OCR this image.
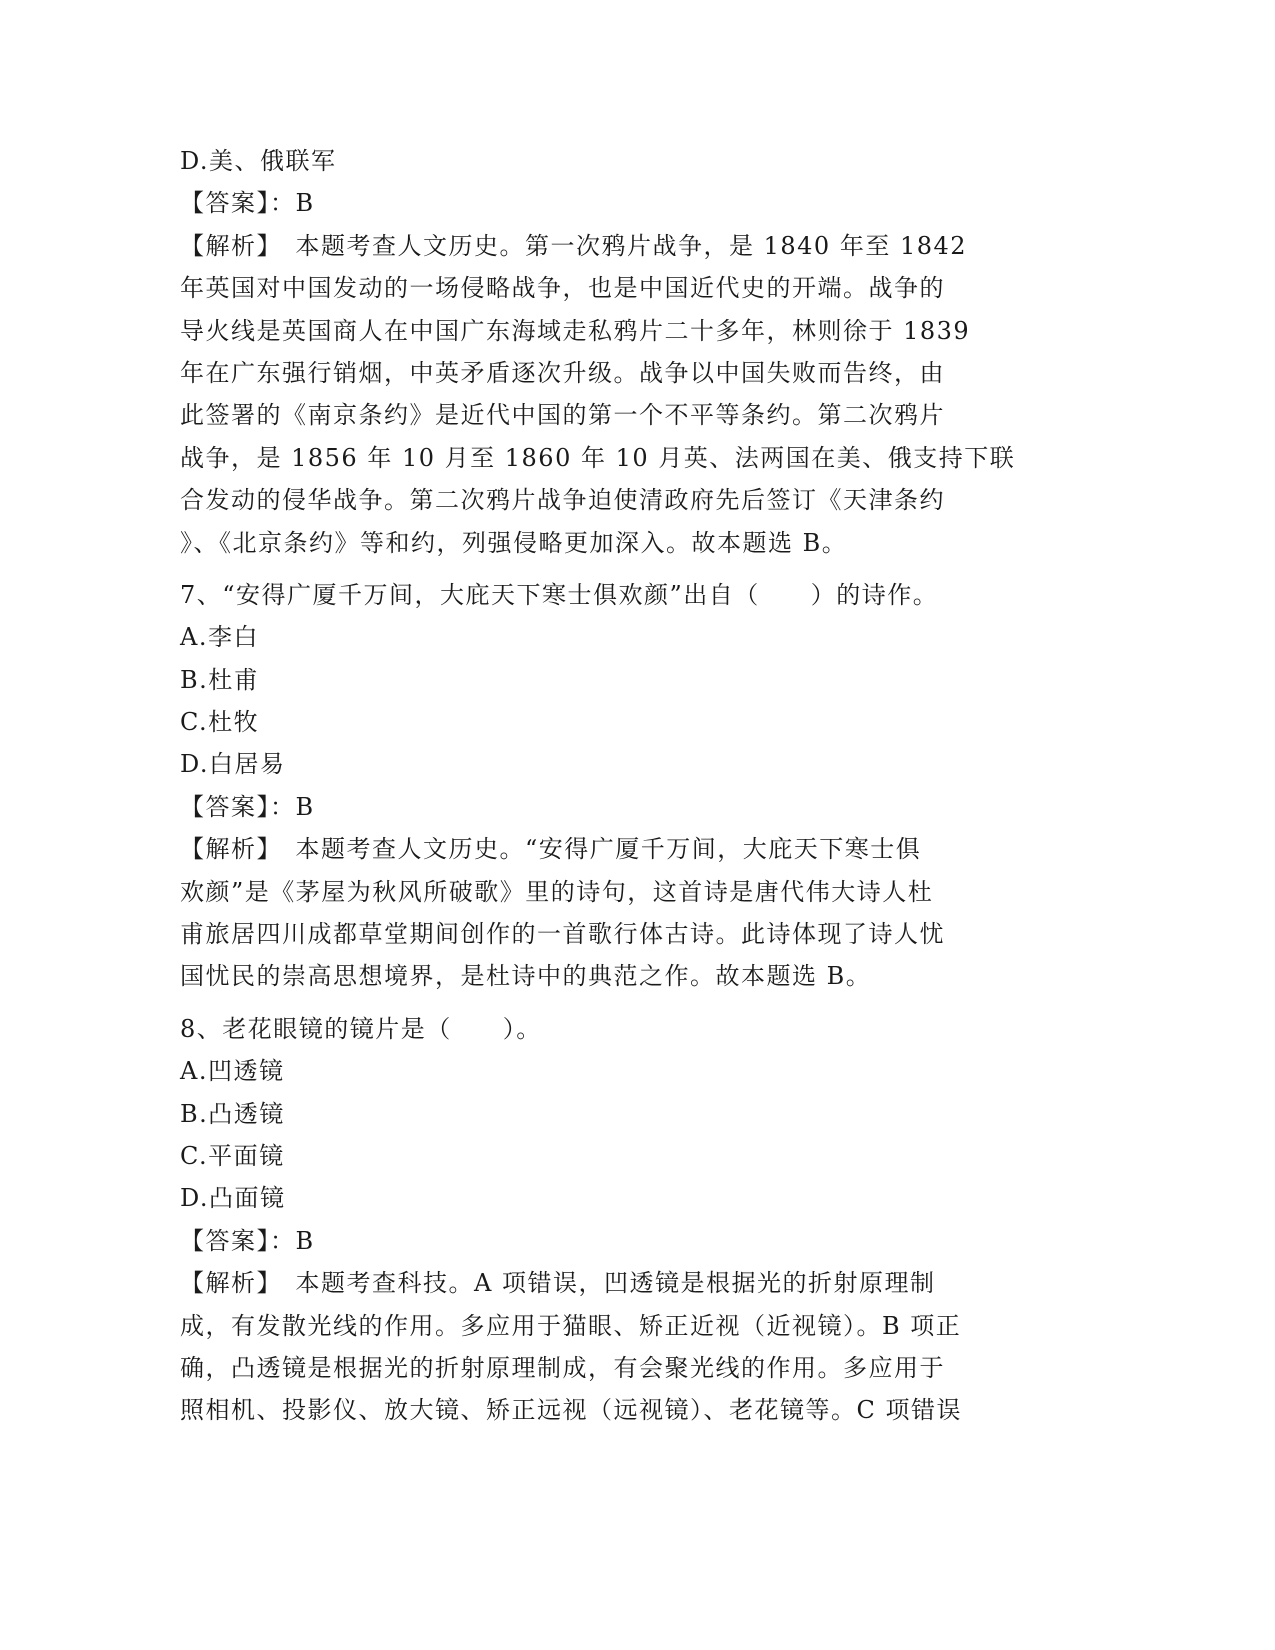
D.美、俄联军
【答案】：B
【解析】　本题考查人文历史。第一次鸦片战争，是 1840 年至 1842
年英国对中国发动的一场侵略战争，也是中国近代史的开端。战争的
导火线是英国商人在中国广东海域走私鸦片二十多年，林则徐于 1839
年在广东强行销烟，中英矛盾逐次升级。战争以中国失败而告终，由
此签署的《南京条约》是近代中国的第一个不平等条约。第二次鸦片
战争，是 1856 年 10 月至 1860 年 10 月英、法两国在美、俄支持下联
合发动的侵华战争。第二次鸦片战争迫使清政府先后签订《天津条约
》、《北京条约》等和约，列强侵略更加深入。故本题选 B。
7、“安得广厦千万间，大庇天下寒士俱欢颜”出自（　　）的诗作。
A.李白
B.杜甫
C.杜牧
D.白居易
【答案】：B
【解析】　本题考查人文历史。“安得广厦千万间，大庇天下寒士俱
欢颜”是《茅屋为秋风所破歌》里的诗句，这首诗是唐代伟大诗人杜
甫旅居四川成都草堂期间创作的一首歌行体古诗。此诗体现了诗人忧
国忧民的崇高思想境界，是杜诗中的典范之作。故本题选 B。
8、老花眼镜的镜片是（　　）。
A.凹透镜
B.凸透镜
C.平面镜
D.凸面镜
【答案】：B
【解析】　本题考查科技。A 项错误，凹透镜是根据光的折射原理制
成，有发散光线的作用。多应用于猫眼、矫正近视（近视镜）。B 项正
确，凸透镜是根据光的折射原理制成，有会聚光线的作用。多应用于
照相机、投影仪、放大镜、矫正远视（远视镜）、老花镜等。C 项错误
